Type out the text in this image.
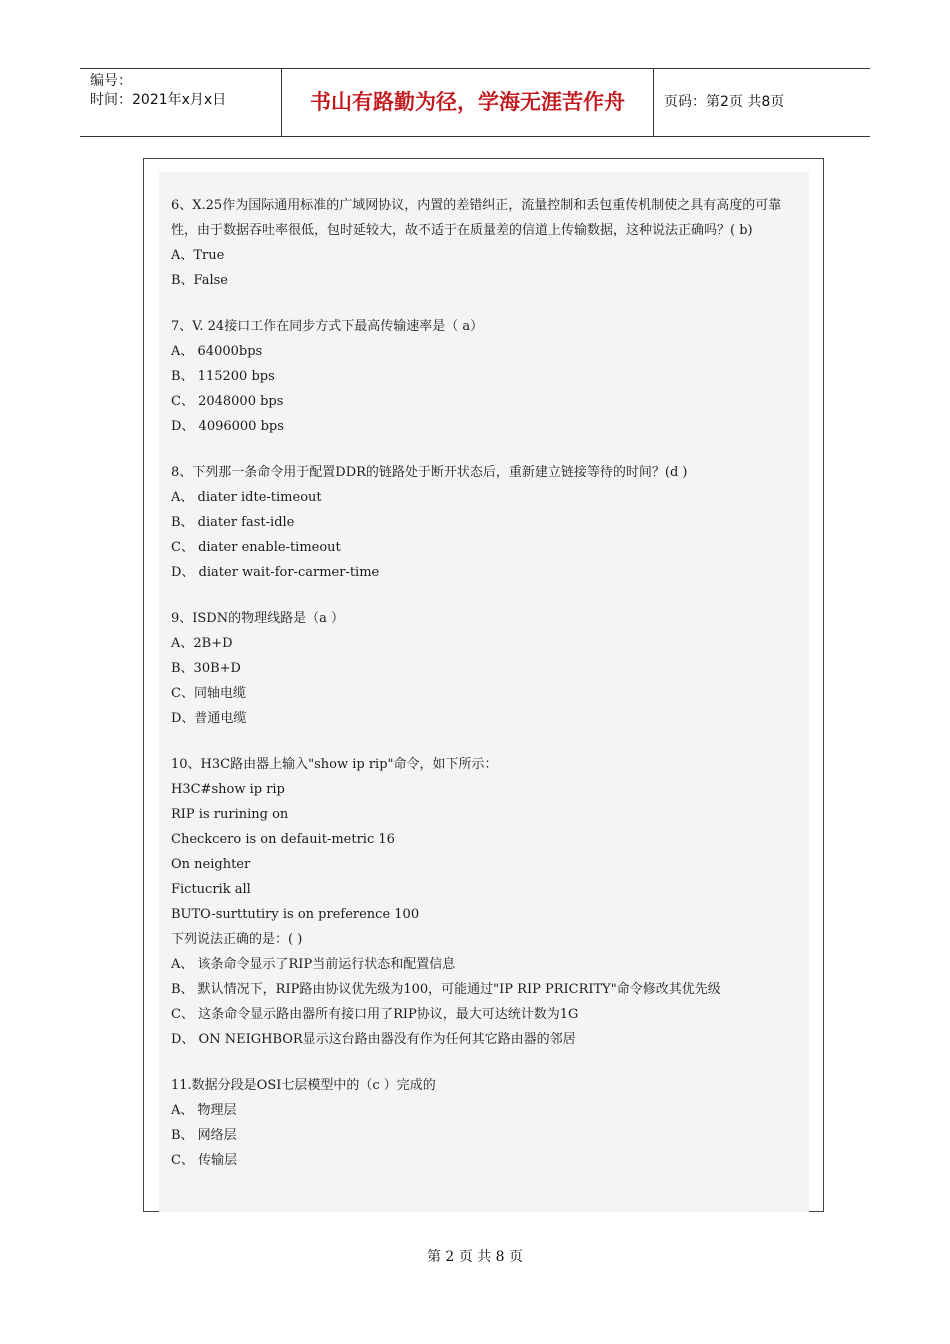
编号：
时间：2021年x月x日	书山有路勤为径，学海无涯苦作舟	页码：第2页 共8页
6、X.25作为国际通用标准的广域网协议，内置的差错纠正，流量控制和丢包重传机制使之具有高度的可靠性，由于数据吞吐率很低，包时延较大，故不适于在质量差的信道上传输数据，这种说法正确吗？( b)
A、True
B、False
7、V. 24接口工作在同步方式下最高传输速率是（ a）
A、 64000bps
B、 115200 bps
C、 2048000 bps
D、 4096000 bps
8、下列那一条命令用于配置DDR的链路处于断开状态后，重新建立链接等待的时间？(d )
A、 diater idte-timeout
B、 diater fast-idle
C、 diater enable-timeout
D、 diater wait-for-carmer-time
9、ISDN的物理线路是（a ）
A、2B+D
B、30B+D
C、同轴电缆
D、普通电缆
10、H3C路由器上输入"show ip rip"命令，如下所示：
H3C#show ip rip
RIP is rurining on
Checkcero is on defauit-metric 16
On neighter
Fictucrik all
BUTO-surttutiry is on preference 100
下列说法正确的是：( )
A、 该条命令显示了RIP当前运行状态和配置信息
B、 默认情况下，RIP路由协议优先级为100，可能通过"IP RIP PRICRITY"命令修改其优先级
C、 这条命令显示路由器所有接口用了RIP协议，最大可达统计数为1G
D、 ON NEIGHBOR显示这台路由器没有作为任何其它路由器的邻居
11.数据分段是OSI七层模型中的（c ）完成的
A、 物理层
B、 网络层
C、 传输层
第 2 页 共 8 页
